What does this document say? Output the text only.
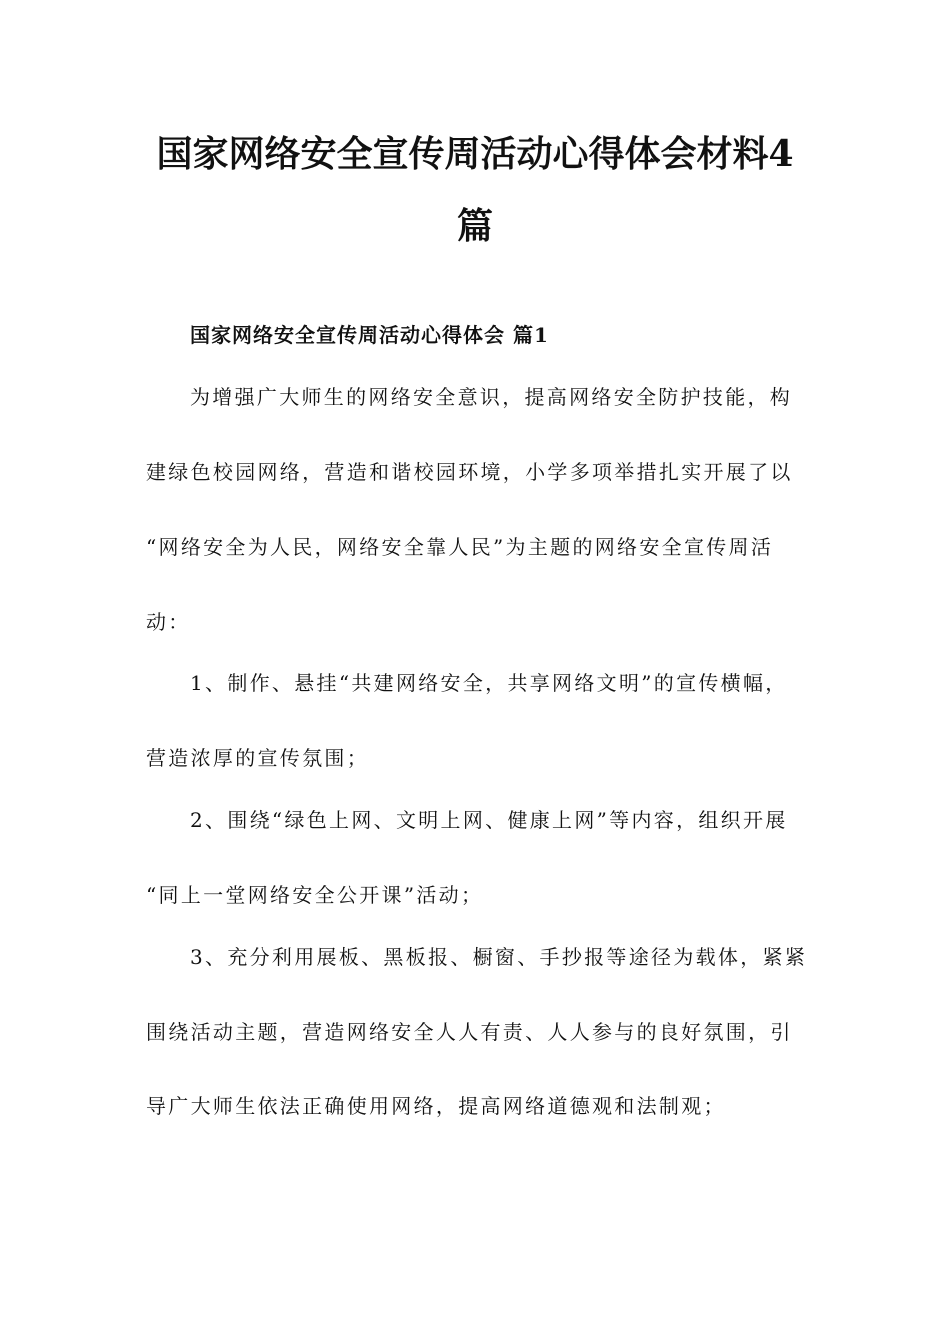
国家网络安全宣传周活动心得体会材料4
篇
国家网络安全宣传周活动心得体会 篇1
为增强广大师生的网络安全意识，提高网络安全防护技能，构
建绿色校园网络，营造和谐校园环境，小学多项举措扎实开展了以
“网络安全为人民，网络安全靠人民”为主题的网络安全宣传周活
动：
1、制作、悬挂“共建网络安全，共享网络文明”的宣传横幅，
营造浓厚的宣传氛围；
2、围绕“绿色上网、文明上网、健康上网”等内容，组织开展
“同上一堂网络安全公开课”活动；
3、充分利用展板、黑板报、橱窗、手抄报等途径为载体，紧紧
围绕活动主题，营造网络安全人人有责、人人参与的良好氛围，引
导广大师生依法正确使用网络，提高网络道德观和法制观；
